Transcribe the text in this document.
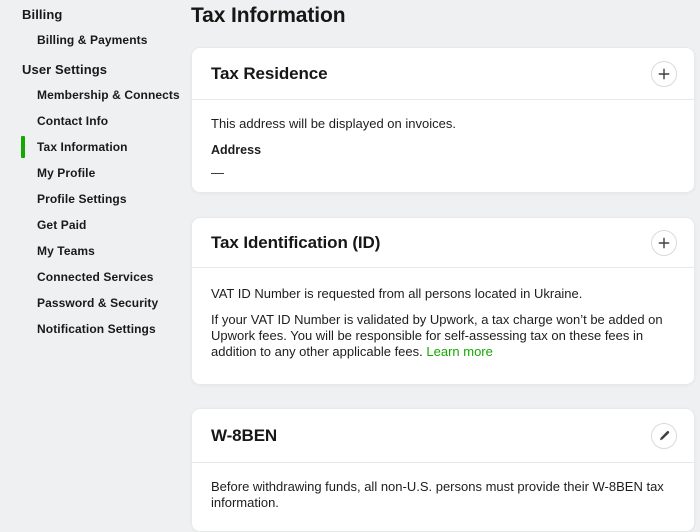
Billing
Billing & Payments
User Settings
Membership & Connects
Contact Info
Tax Information
My Profile
Profile Settings
Get Paid
My Teams
Connected Services
Password & Security
Notification Settings
Tax Information
Tax Residence
This address will be displayed on invoices.
Address
—
Tax Identification (ID)

VAT ID Number is requested from all persons located in Ukraine.

If your VAT ID Number is validated by Upwork, a tax charge won’t be added on Upwork fees. You will be responsible for self-assessing tax on these fees in addition to any other applicable fees. Learn more

W-8BEN
Before withdrawing funds, all non-U.S. persons must provide their W-8BEN tax information.
